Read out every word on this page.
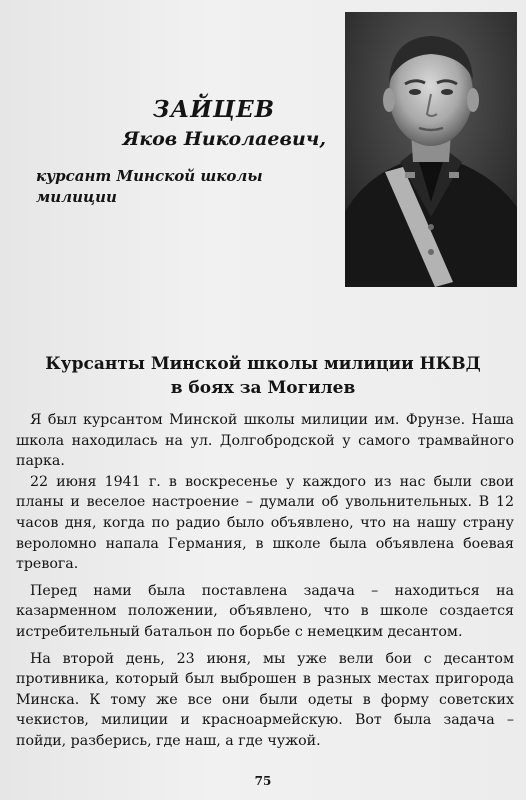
ЗАЙЦЕВ
Яков Николаевич,
курсант Минской школы милиции
Курсанты Минской школы милиции НКВД
в боях за Могилев

Я был курсантом Минской школы милиции им. Фрунзе. Наша школа находилась на ул. Долгобродской у самого трамвайного парка.

22 июня 1941 г. в воскресенье у каждого из нас были свои планы и веселое настроение – думали об увольнительных. В 12 часов дня, когда по радио было объявлено, что на нашу страну вероломно напала Германия, в школе была объявлена боевая тревога.

Перед нами была поставлена задача – находиться на казарменном положении, объявлено, что в школе создается истребительный батальон по борьбе с немецким десантом.

На второй день, 23 июня, мы уже вели бои с десантом противника, который был выброшен в разных местах пригорода Минска. К тому же все они были одеты в форму советских чекистов, милиции и красноармейскую. Вот была задача – пойди, разберись, где наш, а где чужой.

75
